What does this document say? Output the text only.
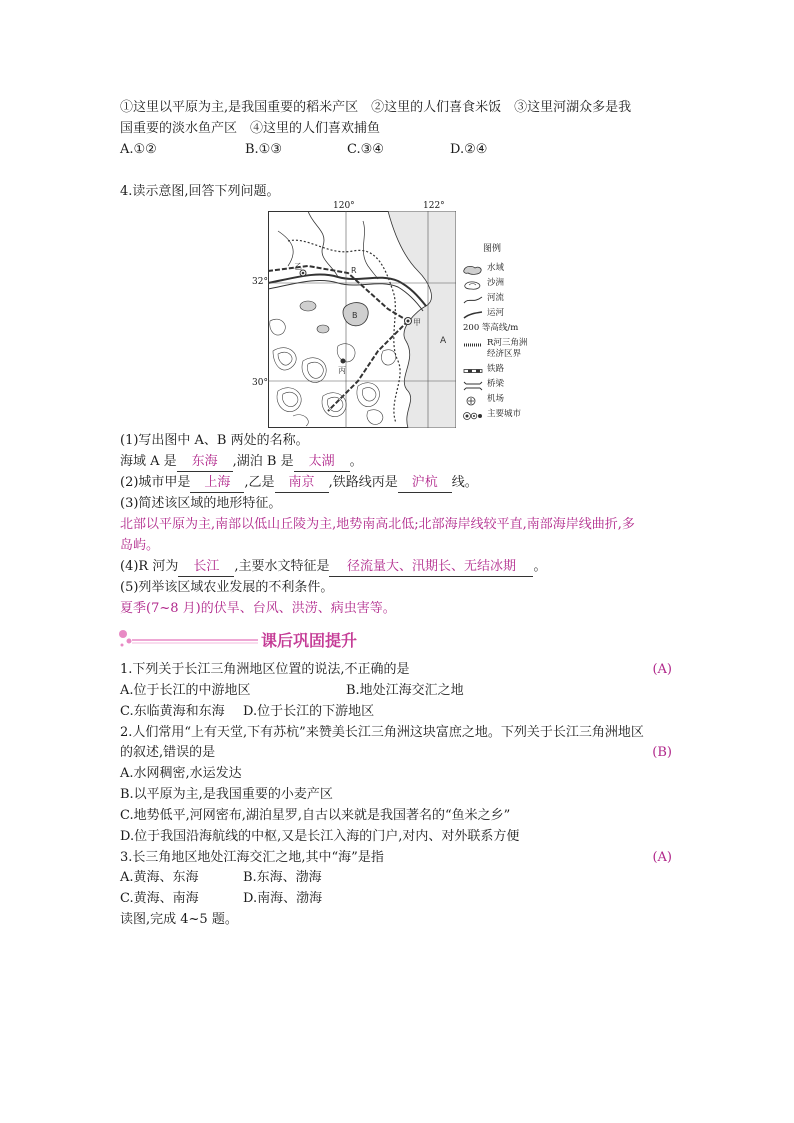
①这里以平原为主,是我国重要的稻米产区　②这里的人们喜食米饭　③这里河湖众多是我
国重要的淡水鱼产区　④这里的人们喜欢捕鱼
A.①②	B.①③	C.③④	D.②④
4.读示意图,回答下列问题。
120°	122°
32°
30°
R
A
甲
乙
丙
B
图例
水域
沙洲
河流
运河
200 等高线/m
R河三角洲
经济区界
铁路
桥梁
机场
主要城市
(1)写出图中 A、B 两处的名称。
海域 A 是 东海 ,湖泊 B 是 太湖 。
(2)城市甲是 上海 ,乙是 南京 ,铁路线丙是 沪杭 线。
(3)简述该区域的地形特征。
北部以平原为主,南部以低山丘陵为主,地势南高北低;北部海岸线较平直,南部海岸线曲折,多
岛屿。
(4)R 河为 长江 ,主要水文特征是 径流量大、汛期长、无结冰期 。
(5)列举该区域农业发展的不利条件。
夏季(7~8 月)的伏旱、台风、洪涝、病虫害等。
课后巩固提升
1.下列关于长江三角洲地区位置的说法,不正确的是	(A)
A.位于长江的中游地区	B.地处江海交汇之地
C.东临黄海和东海 D.位于长江的下游地区
2.人们常用“上有天堂,下有苏杭”来赞美长江三角洲这块富庶之地。下列关于长江三角洲地区
的叙述,错误的是	(B)
A.水网稠密,水运发达
B.以平原为主,是我国重要的小麦产区
C.地势低平,河网密布,湖泊星罗,自古以来就是我国著名的“鱼米之乡”
D.位于我国沿海航线的中枢,又是长江入海的门户,对内、对外联系方便
3.长三角地区地处江海交汇之地,其中“海”是指	(A)
A.黄海、东海	B.东海、渤海
C.黄海、南海	D.南海、渤海
读图,完成 4~5 题。
